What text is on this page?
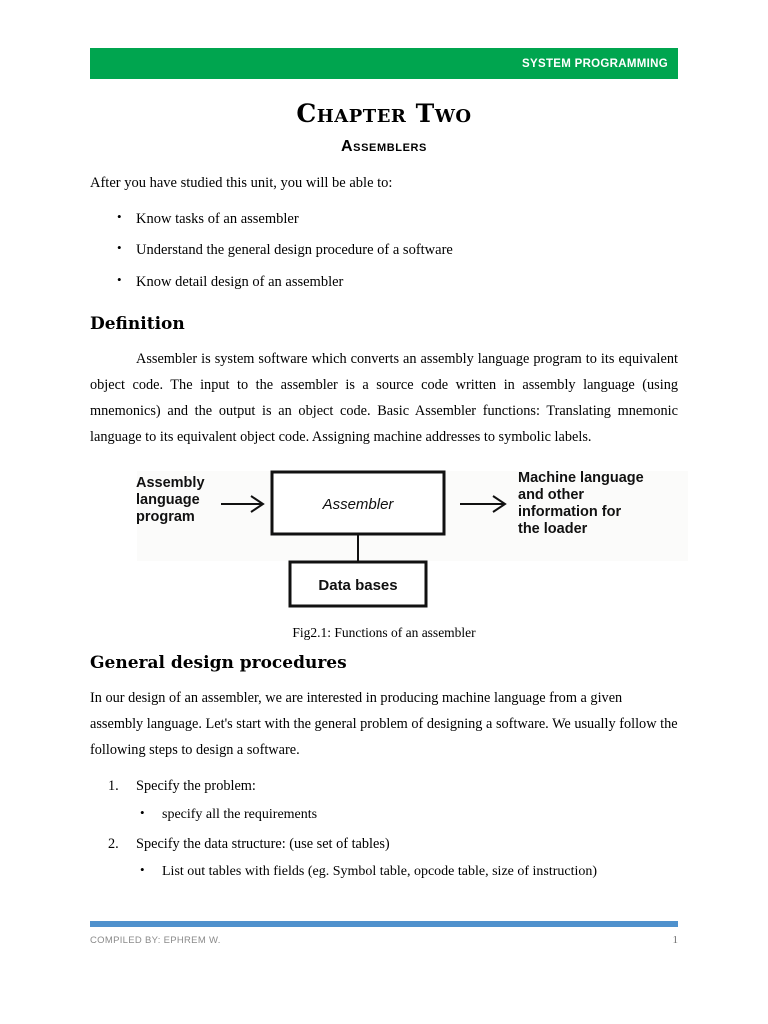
SYSTEM PROGRAMMING
Chapter Two
Assemblers

After you have studied this unit, you will be able to:

• Know tasks of an assembler
• Understand the general design procedure of a software
• Know detail design of an assembler
Definition

Assembler is system software which converts an assembly language program to its equivalent object code. The input to the assembler is a source code written in assembly language (using mnemonics) and the output is an object code. Basic Assembler functions: Translating mnemonic language to its equivalent object code. Assigning machine addresses to symbolic labels.

Assembly
language
program
Assembler
Data bases
Machine language
and other
information for
the loader

Fig2.1: Functions of an assembler

General design procedures

In our design of an assembler, we are interested in producing machine language from a given assembly language. Let's start with the general problem of designing a software. We usually follow the following steps to design a software.

1. Specify the problem:
• specify all the requirements
2. Specify the data structure: (use set of tables)
• List out tables with fields (eg. Symbol table, opcode table, size of instruction)
COMPILED BY: EPHREM W.	1
